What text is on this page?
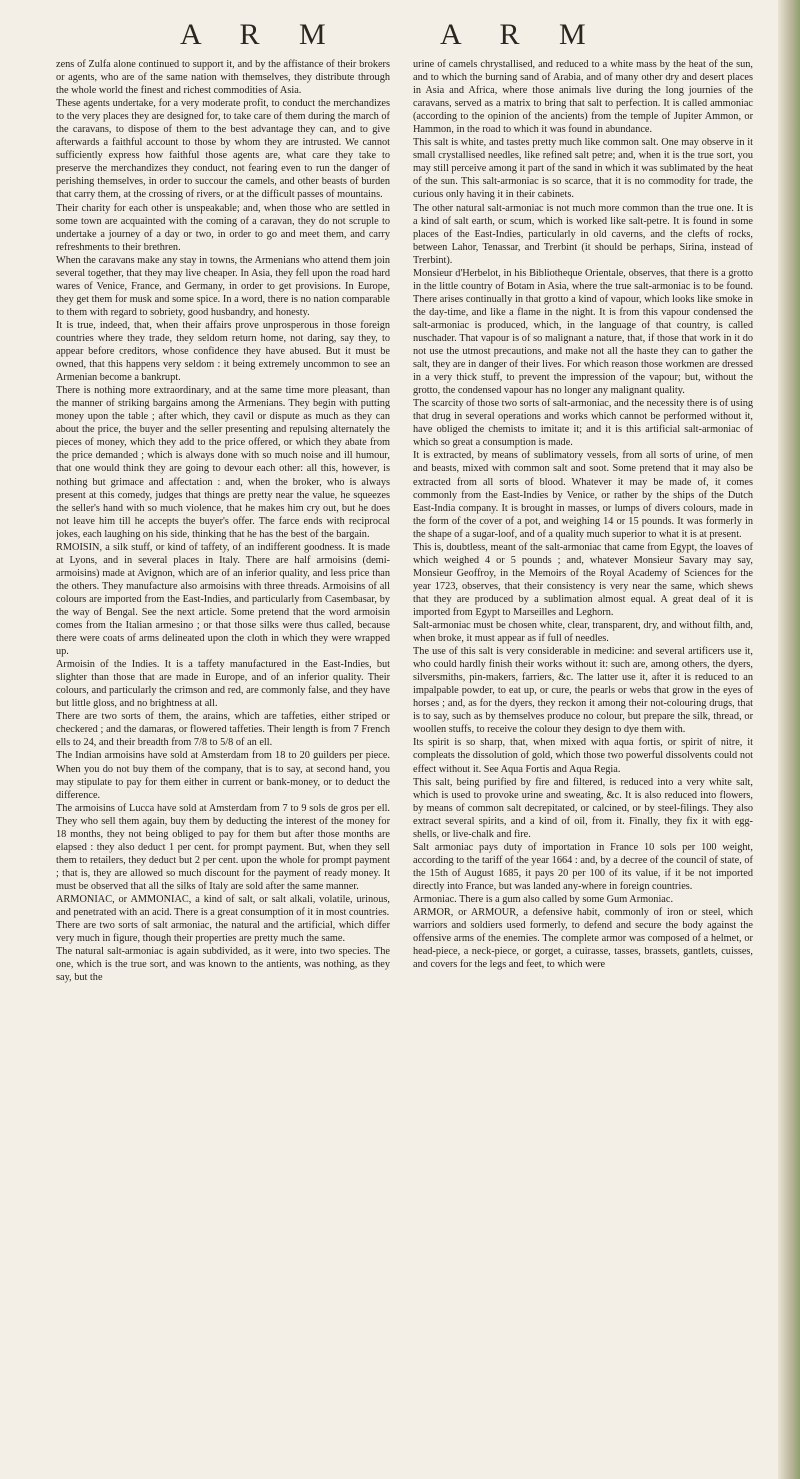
A R M	A R M

zens of Zulfa alone continued to support it, and by the affistance of their brokers or agents, who are of the same nation with themselves, they distribute through the whole world the finest and richest commodities of Asia.

These agents undertake, for a very moderate profit, to conduct the merchandizes to the very places they are designed for, to take care of them during the march of the caravans, to dispose of them to the best advantage they can, and to give afterwards a faithful account to those by whom they are intrusted. We cannot sufficiently express how faithful those agents are, what care they take to preserve the merchandizes they conduct, not fearing even to run the danger of perishing themselves, in order to succour the camels, and other beasts of burden that carry them, at the crossing of rivers, or at the difficult passes of mountains.

Their charity for each other is unspeakable; and, when those who are settled in some town are acquainted with the coming of a caravan, they do not scruple to undertake a journey of a day or two, in order to go and meet them, and carry refreshments to their brethren.

When the caravans make any stay in towns, the Armenians who attend them join several together, that they may live cheaper. In Asia, they fell upon the road hard wares of Venice, France, and Germany, in order to get provisions. In Europe, they get them for musk and some spice. In a word, there is no nation comparable to them with regard to sobriety, good husbandry, and honesty.

It is true, indeed, that, when their affairs prove unprosperous in those foreign countries where they trade, they seldom return home, not daring, say they, to appear before creditors, whose confidence they have abused. But it must be owned, that this happens very seldom : it being extremely uncommon to see an Armenian become a bankrupt.

There is nothing more extraordinary, and at the same time more pleasant, than the manner of striking bargains among the Armenians. They begin with putting money upon the table ; after which, they cavil or dispute as much as they can about the price, the buyer and the seller presenting and repulsing alternately the pieces of money, which they add to the price offered, or which they abate from the price demanded ; which is always done with so much noise and ill humour, that one would think they are going to devour each other: all this, however, is nothing but grimace and affectation : and, when the broker, who is always present at this comedy, judges that things are pretty near the value, he squeezes the seller's hand with so much violence, that he makes him cry out, but he does not leave him till he accepts the buyer's offer. The farce ends with reciprocal jokes, each laughing on his side, thinking that he has the best of the bargain.

RMOISIN, a silk stuff, or kind of taffety, of an indifferent goodness. It is made at Lyons, and in several places in Italy. There are half armoisins (demi-armoisins) made at Avignon, which are of an inferior quality, and less price than the others. They manufacture also armoisins with three threads. Armoisins of all colours are imported from the East-Indies, and particularly from Casembasar, by the way of Bengal. See the next article. Some pretend that the word armoisin comes from the Italian armesino ; or that those silks were thus called, because there were coats of arms delineated upon the cloth in which they were wrapped up.

Armoisin of the Indies. It is a taffety manufactured in the East-Indies, but slighter than those that are made in Europe, and of an inferior quality. Their colours, and particularly the crimson and red, are commonly false, and they have but little gloss, and no brightness at all.

There are two sorts of them, the arains, which are taffeties, either striped or checkered ; and the damaras, or flowered taffeties. Their length is from 7 French ells to 24, and their breadth from 7/8 to 5/8 of an ell.

The Indian armoisins have sold at Amsterdam from 18 to 20 guilders per piece. When you do not buy them of the company, that is to say, at second hand, you may stipulate to pay for them either in current or bank-money, or to deduct the difference.

The armoisins of Lucca have sold at Amsterdam from 7 to 9 sols de gros per ell. They who sell them again, buy them by deducting the interest of the money for 18 months, they not being obliged to pay for them but after those months are elapsed : they also deduct 1 per cent. for prompt payment. But, when they sell them to retailers, they deduct but 2 per cent. upon the whole for prompt payment ; that is, they are allowed so much discount for the payment of ready money. It must be observed that all the silks of Italy are sold after the same manner.

ARMONIAC, or AMMONIAC, a kind of salt, or salt alkali, volatile, urinous, and penetrated with an acid. There is a great consumption of it in most countries.

There are two sorts of salt armoniac, the natural and the artificial, which differ very much in figure, though their properties are pretty much the same.

The natural salt-armoniac is again subdivided, as it were, into two species. The one, which is the true sort, and was known to the antients, was nothing, as they say, but the

urine of camels chrystallised, and reduced to a white mass by the heat of the sun, and to which the burning sand of Arabia, and of many other dry and desert places in Asia and Africa, where those animals live during the long journies of the caravans, served as a matrix to bring that salt to perfection. It is called ammoniac (according to the opinion of the ancients) from the temple of Jupiter Ammon, or Hammon, in the road to which it was found in abundance.

This salt is white, and tastes pretty much like common salt. One may observe in it small crystallised needles, like refined salt petre; and, when it is the true sort, you may still perceive among it part of the sand in which it was sublimated by the heat of the sun. This salt-armoniac is so scarce, that it is no commodity for trade, the curious only having it in their cabinets.

The other natural salt-armoniac is not much more common than the true one. It is a kind of salt earth, or scum, which is worked like salt-petre. It is found in some places of the East-Indies, particularly in old caverns, and the clefts of rocks, between Lahor, Tenassar, and Trerbint (it should be perhaps, Sirina, instead of Trerbint).

Monsieur d'Herbelot, in his Bibliotheque Orientale, observes, that there is a grotto in the little country of Botam in Asia, where the true salt-armoniac is to be found. There arises continually in that grotto a kind of vapour, which looks like smoke in the day-time, and like a flame in the night. It is from this vapour condensed the salt-armoniac is produced, which, in the language of that country, is called nuschader. That vapour is of so malignant a nature, that, if those that work in it do not use the utmost precautions, and make not all the haste they can to gather the salt, they are in danger of their lives. For which reason those workmen are dressed in a very thick stuff, to prevent the impression of the vapour; but, without the grotto, the condensed vapour has no longer any malignant quality.

The scarcity of those two sorts of salt-armoniac, and the necessity there is of using that drug in several operations and works which cannot be performed without it, have obliged the chemists to imitate it; and it is this artificial salt-armoniac of which so great a consumption is made.

It is extracted, by means of sublimatory vessels, from all sorts of urine, of men and beasts, mixed with common salt and soot. Some pretend that it may also be extracted from all sorts of blood. Whatever it may be made of, it comes commonly from the East-Indies by Venice, or rather by the ships of the Dutch East-India company. It is brought in masses, or lumps of divers colours, made in the form of the cover of a pot, and weighing 14 or 15 pounds. It was formerly in the shape of a sugar-loof, and of a quality much superior to what it is at present.

This is, doubtless, meant of the salt-armoniac that came from Egypt, the loaves of which weighed 4 or 5 pounds ; and, whatever Monsieur Savary may say, Monsieur Geoffroy, in the Memoirs of the Royal Academy of Sciences for the year 1723, observes, that their consistency is very near the same, which shews that they are produced by a sublimation almost equal. A great deal of it is imported from Egypt to Marseilles and Leghorn.

Salt-armoniac must be chosen white, clear, transparent, dry, and without filth, and, when broke, it must appear as if full of needles.

The use of this salt is very considerable in medicine: and several artificers use it, who could hardly finish their works without it: such are, among others, the dyers, silversmiths, pin-makers, farriers, &c. The latter use it, after it is reduced to an impalpable powder, to eat up, or cure, the pearls or webs that grow in the eyes of horses ; and, as for the dyers, they reckon it among their not-colouring drugs, that is to say, such as by themselves produce no colour, but prepare the silk, thread, or woollen stuffs, to receive the colour they design to dye them with.

Its spirit is so sharp, that, when mixed with aqua fortis, or spirit of nitre, it compleats the dissolution of gold, which those two powerful dissolvents could not effect without it. See Aqua Fortis and Aqua Regia.

This salt, being purified by fire and filtered, is reduced into a very white salt, which is used to provoke urine and sweating, &c. It is also reduced into flowers, by means of common salt decrepitated, or calcined, or by steel-filings. They also extract several spirits, and a kind of oil, from it. Finally, they fix it with egg-shells, or live-chalk and fire.

Salt armoniac pays duty of importation in France 10 sols per 100 weight, according to the tariff of the year 1664 : and, by a decree of the council of state, of the 15th of August 1685, it pays 20 per 100 of its value, if it be not imported directly into France, but was landed any-where in foreign countries.

Armoniac. There is a gum also called by some Gum Armoniac.

ARMOR, or ARMOUR, a defensive habit, commonly of iron or steel, which warriors and soldiers used formerly, to defend and secure the body against the offensive arms of the enemies. The complete armor was composed of a helmet, or head-piece, a neck-piece, or gorget, a cuirasse, tasses, brassets, gantlets, cuisses, and covers for the legs and feet, to which were
